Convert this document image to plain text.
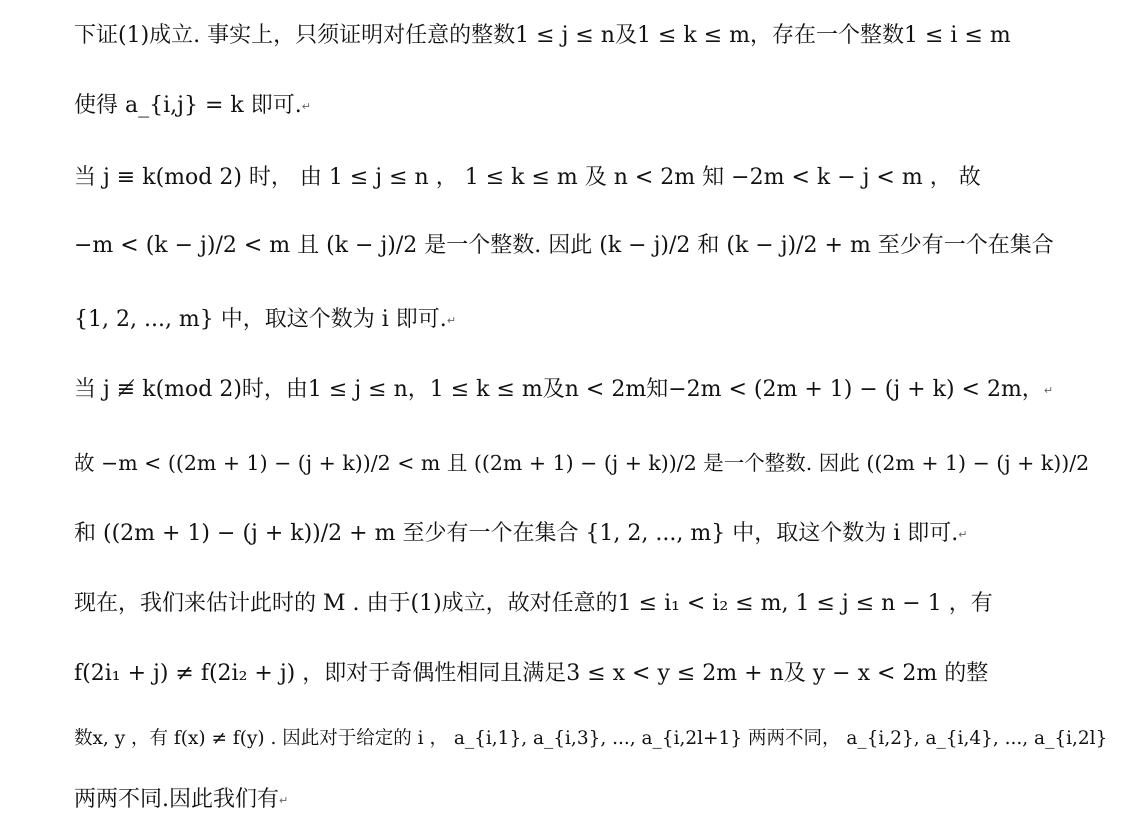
下证(1)成立. 事实上，只须证明对任意的整数1 ≤ j ≤ n及1 ≤ k ≤ m，存在一个整数1 ≤ i ≤ m
使得 a_{i,j} = k 即可.↵
当 j ≡ k(mod 2) 时， 由 1 ≤ j ≤ n ， 1 ≤ k ≤ m 及 n < 2m 知 −2m < k − j < m ， 故
−m < (k − j)/2 < m 且 (k − j)/2 是一个整数. 因此 (k − j)/2 和 (k − j)/2 + m 至少有一个在集合
{1, 2, ..., m} 中，取这个数为 i 即可.↵
当 j ≢ k(mod 2)时，由1 ≤ j ≤ n，1 ≤ k ≤ m及n < 2m知−2m < (2m + 1) − (j + k) < 2m，↵
故 −m < ((2m + 1) − (j + k))/2 < m 且 ((2m + 1) − (j + k))/2 是一个整数. 因此 ((2m + 1) − (j + k))/2
和 ((2m + 1) − (j + k))/2 + m 至少有一个在集合 {1, 2, ..., m} 中，取这个数为 i 即可.↵
现在，我们来估计此时的 M . 由于(1)成立，故对任意的1 ≤ i₁ < i₂ ≤ m, 1 ≤ j ≤ n − 1 ，有
f(2i₁ + j) ≠ f(2i₂ + j) ，即对于奇偶性相同且满足3 ≤ x < y ≤ 2m + n及 y − x < 2m 的整
数x, y ，有 f(x) ≠ f(y) . 因此对于给定的 i ， a_{i,1}, a_{i,3}, ..., a_{i,2l+1} 两两不同， a_{i,2}, a_{i,4}, ..., a_{i,2l}
两两不同.因此我们有↵
